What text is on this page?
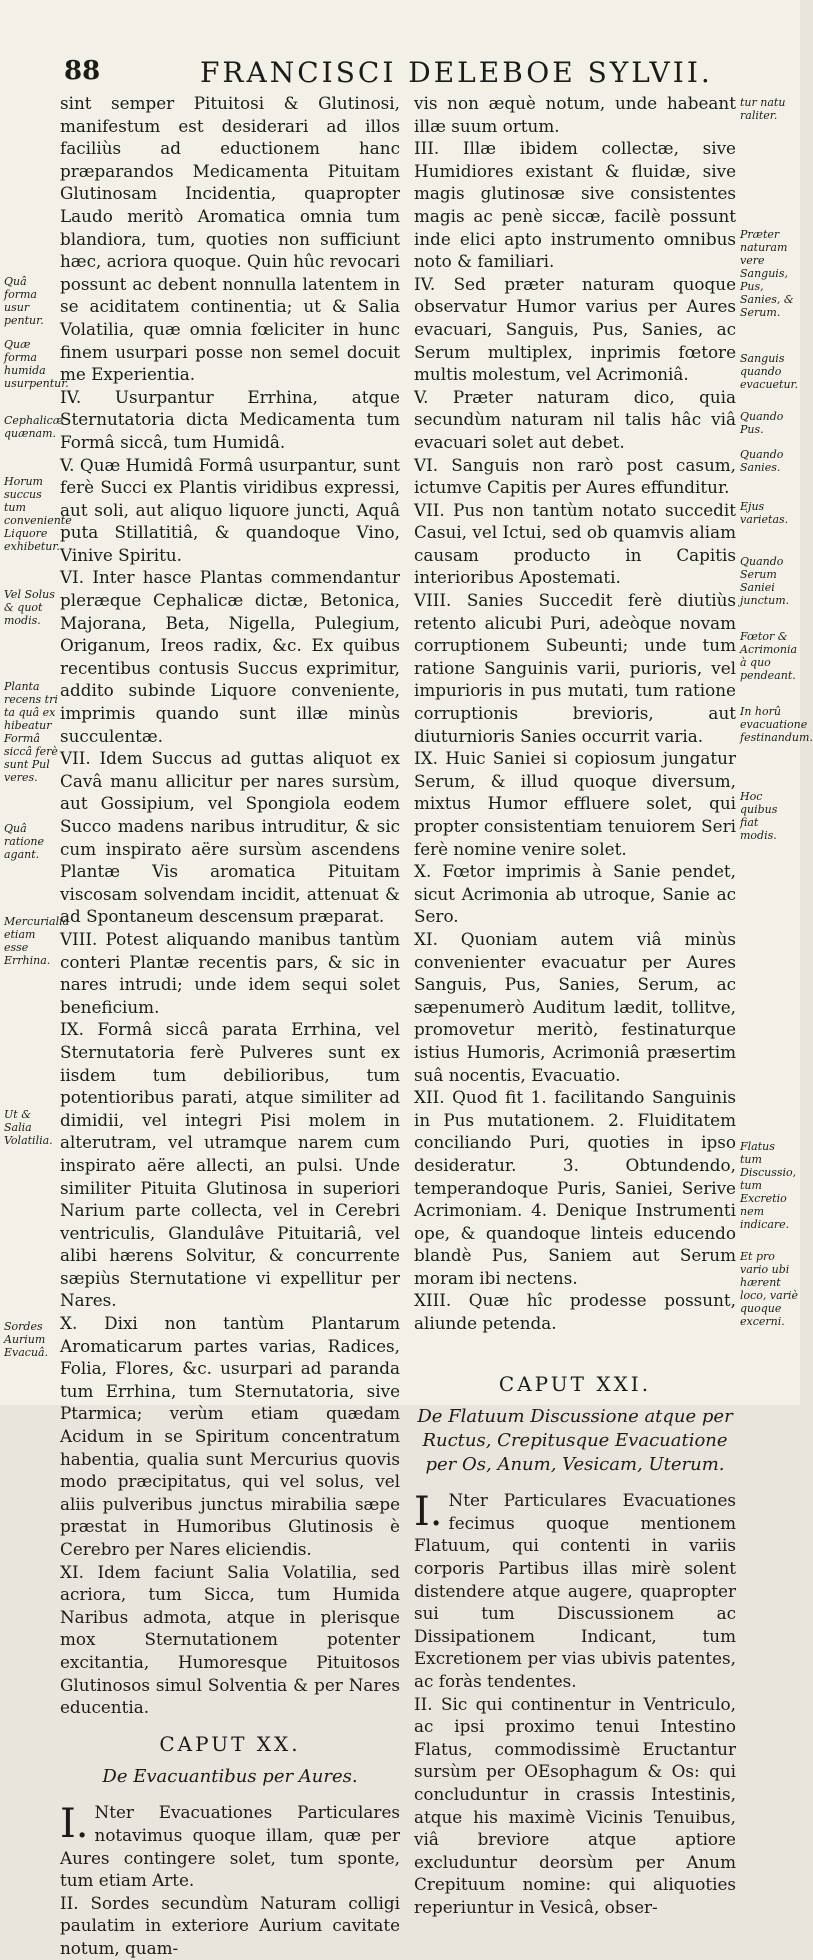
88	FRANCISCI DELEBOE SYLVII.
Quâ forma usur pentur.
Quæ forma humida usurpentur.
Cephalicæ quænam.
Horum succus tum conveniente Liquore exhibetur.
Vel Solus & quot modis.
Planta recens tri ta quâ ex hibeatur Formâ siccâ ferè sunt Pul veres.
Quâ ratione agant.
Mercurialia etiam esse Errhina.
Ut & Salia Volatilia.
Sordes Aurium Evacuâ.

sint semper Pituitosi & Glutinosi, manifestum est desiderari ad illos faciliùs ad eductionem hanc præparandos Medicamenta Pituitam Glutinosam Incidentia, quapropter Laudo meritò Aromatica omnia tum blandiora, tum, quoties non sufficiunt hæc, acriora quoque. Quin hûc revocari possunt ac debent nonnulla latentem in se aciditatem continentia; ut & Salia Volatilia, quæ omnia fœliciter in hunc finem usurpari posse non semel docuit me Experientia.

IV. Usurpantur Errhina, atque Sternutatoria dicta Medicamenta tum Formâ siccâ, tum Humidâ.

V. Quæ Humidâ Formâ usurpantur, sunt ferè Succi ex Plantis viridibus expressi, aut soli, aut aliquo liquore juncti, Aquâ puta Stillatitiâ, & quandoque Vino, Vinive Spiritu.

VI. Inter hasce Plantas commendantur pleræque Cephalicæ dictæ, Betonica, Majorana, Beta, Nigella, Pulegium, Origanum, Ireos radix, &c. Ex quibus recentibus contusis Succus exprimitur, addito subinde Liquore conveniente, imprimis quando sunt illæ minùs succulentæ.

VII. Idem Succus ad guttas aliquot ex Cavâ manu allicitur per nares sursùm, aut Gossipium, vel Spongiola eodem Succo madens naribus intruditur, & sic cum inspirato aëre sursùm ascendens Plantæ Vis aromatica Pituitam viscosam solvendam incidit, attenuat & ad Spontaneum descensum præparat.

VIII. Potest aliquando manibus tantùm conteri Plantæ recentis pars, & sic in nares intrudi; unde idem sequi solet beneficium.

IX. Formâ siccâ parata Errhina, vel Sternutatoria ferè Pulveres sunt ex iisdem tum debilioribus, tum potentioribus parati, atque similiter ad dimidii, vel integri Pisi molem in alterutram, vel utramque narem cum inspirato aëre allecti, an pulsi. Unde similiter Pituita Glutinosa in superiori Narium parte collecta, vel in Cerebri ventriculis, Glandulâve Pituitariâ, vel alibi hærens Solvitur, & concurrente sæpiùs Sternutatione vi expellitur per Nares.

X. Dixi non tantùm Plantarum Aromaticarum partes varias, Radices, Folia, Flores, &c. usurpari ad paranda tum Errhina, tum Sternutatoria, sive Ptarmica; verùm etiam quædam Acidum in se Spiritum concentratum habentia, qualia sunt Mercurius quovis modo præcipitatus, qui vel solus, vel aliis pulveribus junctus mirabilia sæpe præstat in Humoribus Glutinosis è Cerebro per Nares eliciendis.

XI. Idem faciunt Salia Volatilia, sed acriora, tum Sicca, tum Humida Naribus admota, atque in plerisque mox Sternutationem potenter excitantia, Humoresque Pituitosos Glutinosos simul Solventia & per Nares educentia.

CAPUT XX.
De Evacuantibus per Aures.

I.Nter Evacuationes Particulares notavimus quoque illam, quæ per Aures contingere solet, tum sponte, tum etiam Arte.

II. Sordes secundùm Naturam colligi paulatim in exteriore Aurium cavitate notum, quam-

vis non æquè notum, unde habeant illæ suum ortum.

III. Illæ ibidem collectæ, sive Humidiores existant & fluidæ, sive magis glutinosæ sive consistentes magis ac penè siccæ, facilè possunt inde elici apto instrumento omnibus noto & familiari.

IV. Sed præter naturam quoque observatur Humor varius per Aures evacuari, Sanguis, Pus, Sanies, ac Serum multiplex, inprimis fœtore multis molestum, vel Acrimoniâ.

V. Præter naturam dico, quia secundùm naturam nil talis hâc viâ evacuari solet aut debet.

VI. Sanguis non rarò post casum, ictumve Capitis per Aures effunditur.

VII. Pus non tantùm notato succedit Casui, vel Ictui, sed ob quamvis aliam causam producto in Capitis interioribus Apostemati.

VIII. Sanies Succedit ferè diutiùs retento alicubi Puri, adeòque novam corruptionem Subeunti; unde tum ratione Sanguinis varii, purioris, vel impurioris in pus mutati, tum ratione corruptionis brevioris, aut diuturnioris Sanies occurrit varia.

IX. Huic Saniei si copiosum jungatur Serum, & illud quoque diversum, mixtus Humor effluere solet, qui propter consistentiam tenuiorem Seri ferè nomine venire solet.

X. Fœtor imprimis à Sanie pendet, sicut Acrimonia ab utroque, Sanie ac Sero.

XI. Quoniam autem viâ minùs convenienter evacuatur per Aures Sanguis, Pus, Sanies, Serum, ac sæpenumerò Auditum lædit, tollitve, promovetur meritò, festinaturque istius Humoris, Acrimoniâ præsertim suâ nocentis, Evacuatio.

XII. Quod fit 1. facilitando Sanguinis in Pus mutationem. 2. Fluiditatem conciliando Puri, quoties in ipso desideratur. 3. Obtundendo, temperandoque Puris, Saniei, Serive Acrimoniam. 4. Denique Instrumenti ope, & quandoque linteis educendo blandè Pus, Saniem aut Serum moram ibi nectens.

XIII. Quæ hîc prodesse possunt, aliunde petenda.

CAPUT XXI.
De Flatuum Discussione atque per Ructus, Crepitusque Evacuatione per Os, Anum, Vesicam, Uterum.

I.Nter Particulares Evacuationes fecimus quoque mentionem Flatuum, qui contenti in variis corporis Partibus illas mirè solent distendere atque augere, quapropter sui tum Discussionem ac Dissipationem Indicant, tum Excretionem per vias ubivis patentes, ac foràs tendentes.

II. Sic qui continentur in Ventriculo, ac ipsi proximo tenui Intestino Flatus, commodissimè Eructantur sursùm per OEsophagum & Os: qui concluduntur in crassis Intestinis, atque his maximè Vicinis Tenuibus, viâ breviore atque aptiore excluduntur deorsùm per Anum Crepituum nomine: qui aliquoties reperiuntur in Vesicâ, obser-

tur natu raliter.
Præter naturam vere Sanguis, Pus, Sanies, & Serum.
Sanguis quando evacuetur.
Quando Pus.
Quando Sanies.
Ejus varietas.
Quando Serum Saniei junctum.
Fœtor & Acrimonia à quo pendeant.
In horû evacuatione festinandum.
Hoc quibus fiat modis.
Flatus tum Discussio, tum Excretio nem indicare.
Et pro vario ubi hærent loco, variè quoque excerni.
